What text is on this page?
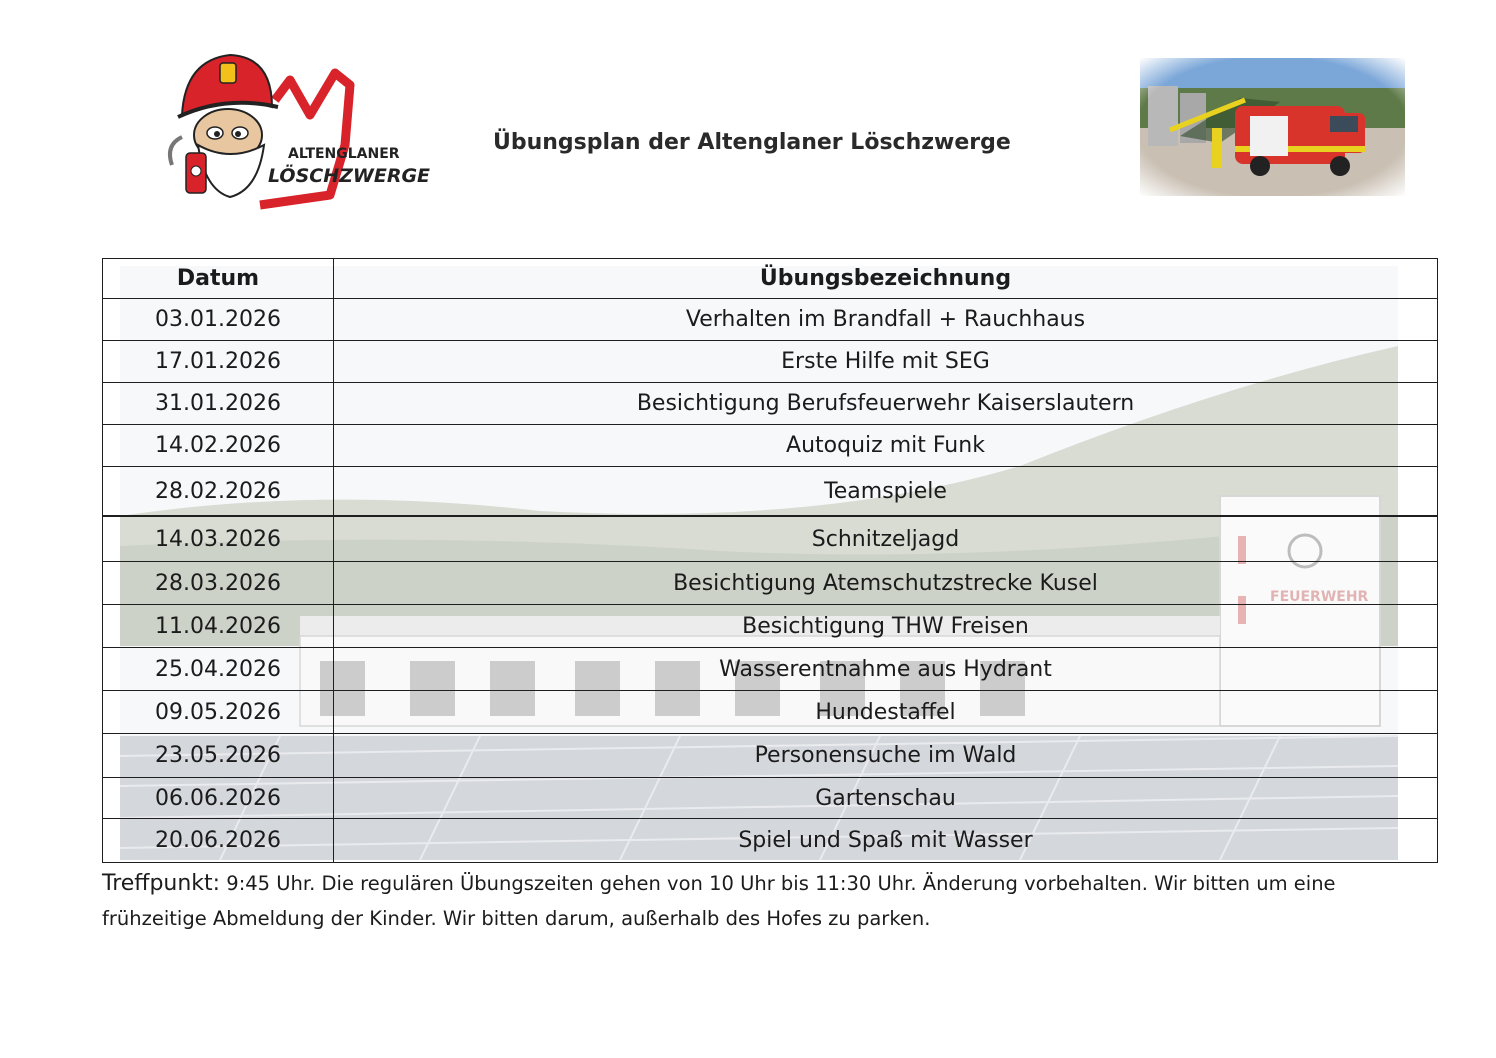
ALTENGLANER
LÖSCHZWERGE
Übungsplan der Altenglaner Löschzwerge
FEUERWEHR
Datum	Übungsbezeichnung
03.01.2026	Verhalten im Brandfall + Rauchhaus
17.01.2026	Erste Hilfe mit SEG
31.01.2026	Besichtigung Berufsfeuerwehr Kaiserslautern
14.02.2026	Autoquiz mit Funk
28.02.2026	Teamspiele
14.03.2026	Schnitzeljagd
28.03.2026	Besichtigung Atemschutzstrecke Kusel
11.04.2026	Besichtigung THW Freisen
25.04.2026	Wasserentnahme aus Hydrant
09.05.2026	Hundestaffel
23.05.2026	Personensuche im Wald
06.06.2026	Gartenschau
20.06.2026	Spiel und Spaß mit Wasser
Treffpunkt: 9:45 Uhr. Die regulären Übungszeiten gehen von 10 Uhr bis 11:30 Uhr. Änderung vorbehalten. Wir bitten um eine frühzeitige Abmeldung der Kinder. Wir bitten darum, außerhalb des Hofes zu parken.
